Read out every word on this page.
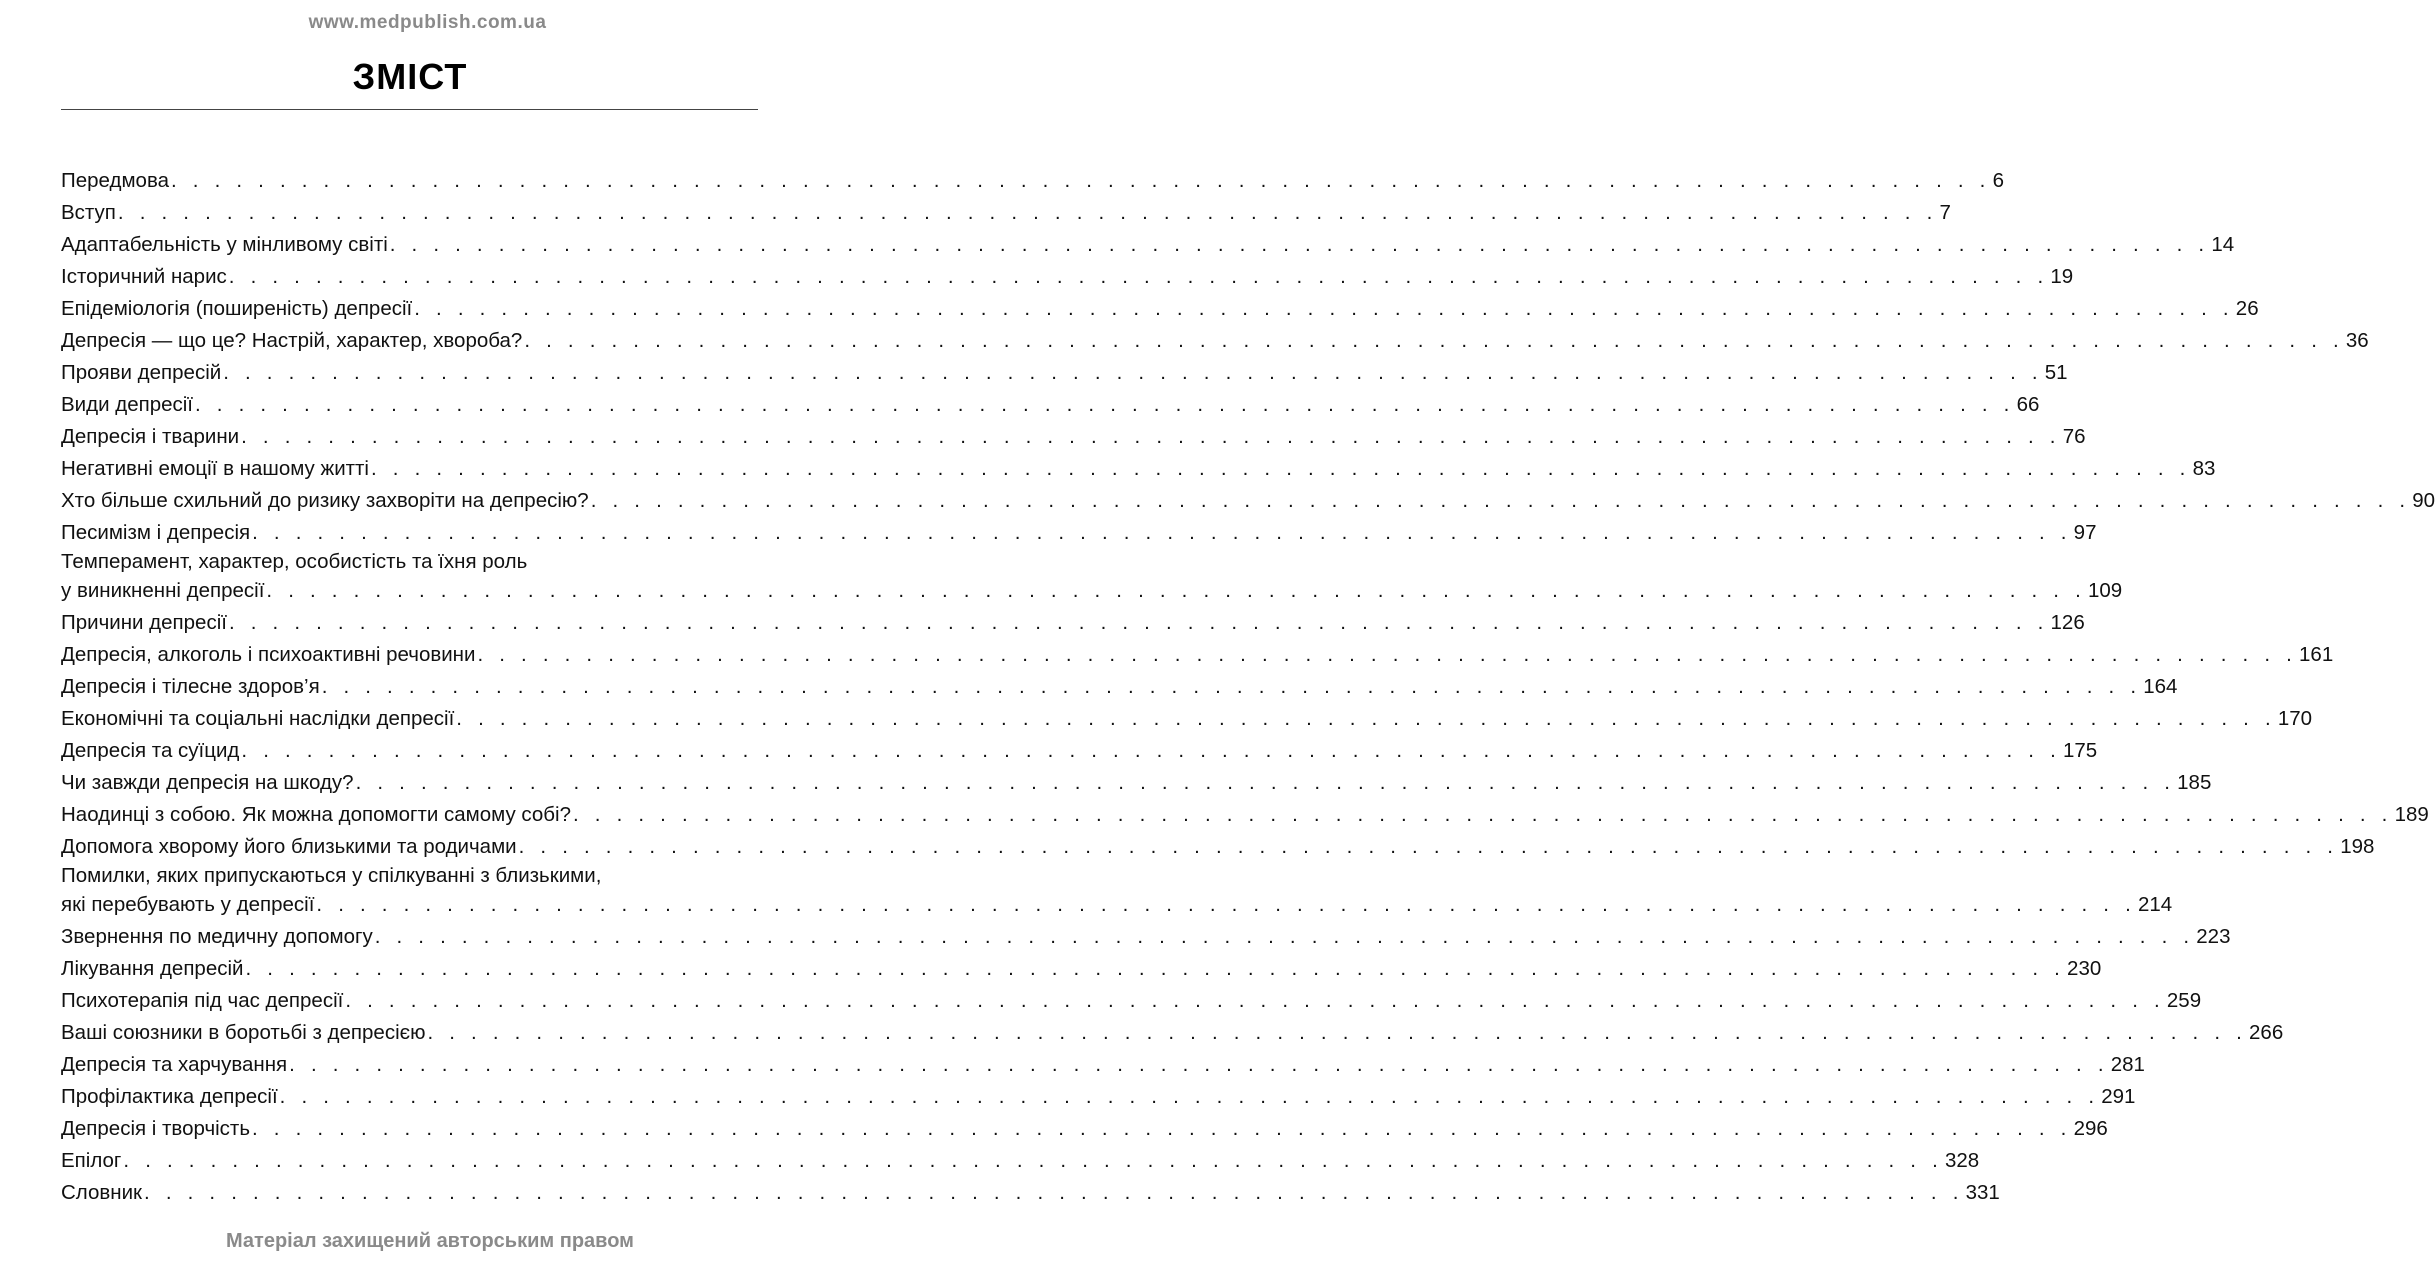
www.medpublish.com.ua
ЗМІСТ
Передмова . . . . . . . . . . . . . . . . . . . . . . . . . . . . . . . . . . . . . . . . . . . . . . . . . . . . . . . . . . . . . . . . . . . . . . . . . . . . . . . . . . . . 6
Вступ . . . . . . . . . . . . . . . . . . . . . . . . . . . . . . . . . . . . . . . . . . . . . . . . . . . . . . . . . . . . . . . . . . . . . . . . . . . . . . . . . . . . 7
Адаптабельність у мінливому світі . . . . . . . . . . . . . . . . . . . . . . . . . . . . . . . . . . . . . . . . . . . . . . . . . . . . . . . . . . . . . . . . . . . . . . . . . . . . . . . . . . . . 14
Історичний нарис . . . . . . . . . . . . . . . . . . . . . . . . . . . . . . . . . . . . . . . . . . . . . . . . . . . . . . . . . . . . . . . . . . . . . . . . . . . . . . . . . . . . 19
Епідеміологія (поширеність) депресії . . . . . . . . . . . . . . . . . . . . . . . . . . . . . . . . . . . . . . . . . . . . . . . . . . . . . . . . . . . . . . . . . . . . . . . . . . . . . . . . . . . . 26
Депресія — що це? Настрій, характер, хвороба? . . . . . . . . . . . . . . . . . . . . . . . . . . . . . . . . . . . . . . . . . . . . . . . . . . . . . . . . . . . . . . . . . . . . . . . . . . . . . . . . . . . . 36
Прояви депресій . . . . . . . . . . . . . . . . . . . . . . . . . . . . . . . . . . . . . . . . . . . . . . . . . . . . . . . . . . . . . . . . . . . . . . . . . . . . . . . . . . . . 51
Види депресії . . . . . . . . . . . . . . . . . . . . . . . . . . . . . . . . . . . . . . . . . . . . . . . . . . . . . . . . . . . . . . . . . . . . . . . . . . . . . . . . . . . . 66
Депресія і тварини . . . . . . . . . . . . . . . . . . . . . . . . . . . . . . . . . . . . . . . . . . . . . . . . . . . . . . . . . . . . . . . . . . . . . . . . . . . . . . . . . . . . 76
Негативні емоції в нашому житті . . . . . . . . . . . . . . . . . . . . . . . . . . . . . . . . . . . . . . . . . . . . . . . . . . . . . . . . . . . . . . . . . . . . . . . . . . . . . . . . . . . . 83
Хто більше схильний до ризику захворіти на депресію? . . . . . . . . . . . . . . . . . . . . . . . . . . . . . . . . . . . . . . . . . . . . . . . . . . . . . . . . . . . . . . . . . . . . . . . . . . . . . . . . . . . . 90
Песимізм і депресія . . . . . . . . . . . . . . . . . . . . . . . . . . . . . . . . . . . . . . . . . . . . . . . . . . . . . . . . . . . . . . . . . . . . . . . . . . . . . . . . . . . . 97
Темперамент, характер, особистість та їхня роль
у виникненні депресії . . . . . . . . . . . . . . . . . . . . . . . . . . . . . . . . . . . . . . . . . . . . . . . . . . . . . . . . . . . . . . . . . . . . . . . . . . . . . . . . . . . . 109
Причини депресії . . . . . . . . . . . . . . . . . . . . . . . . . . . . . . . . . . . . . . . . . . . . . . . . . . . . . . . . . . . . . . . . . . . . . . . . . . . . . . . . . . . . 126
Депресія, алкоголь і психоактивні речовини . . . . . . . . . . . . . . . . . . . . . . . . . . . . . . . . . . . . . . . . . . . . . . . . . . . . . . . . . . . . . . . . . . . . . . . . . . . . . . . . . . . . 161
Депресія і тілесне здоров’я . . . . . . . . . . . . . . . . . . . . . . . . . . . . . . . . . . . . . . . . . . . . . . . . . . . . . . . . . . . . . . . . . . . . . . . . . . . . . . . . . . . . 164
Економічні та соціальні наслідки депресії . . . . . . . . . . . . . . . . . . . . . . . . . . . . . . . . . . . . . . . . . . . . . . . . . . . . . . . . . . . . . . . . . . . . . . . . . . . . . . . . . . . . 170
Депресія та суїцид . . . . . . . . . . . . . . . . . . . . . . . . . . . . . . . . . . . . . . . . . . . . . . . . . . . . . . . . . . . . . . . . . . . . . . . . . . . . . . . . . . . . 175
Чи завжди депресія на шкоду? . . . . . . . . . . . . . . . . . . . . . . . . . . . . . . . . . . . . . . . . . . . . . . . . . . . . . . . . . . . . . . . . . . . . . . . . . . . . . . . . . . . . 185
Наодинці з собою. Як можна допомогти самому собі? . . . . . . . . . . . . . . . . . . . . . . . . . . . . . . . . . . . . . . . . . . . . . . . . . . . . . . . . . . . . . . . . . . . . . . . . . . . . . . . . . . . . 189
Допомога хворому його близькими та родичами . . . . . . . . . . . . . . . . . . . . . . . . . . . . . . . . . . . . . . . . . . . . . . . . . . . . . . . . . . . . . . . . . . . . . . . . . . . . . . . . . . . . 198
Помилки, яких припускаються у спілкуванні з близькими,
які перебувають у депресії . . . . . . . . . . . . . . . . . . . . . . . . . . . . . . . . . . . . . . . . . . . . . . . . . . . . . . . . . . . . . . . . . . . . . . . . . . . . . . . . . . . . 214
Звернення по медичну допомогу . . . . . . . . . . . . . . . . . . . . . . . . . . . . . . . . . . . . . . . . . . . . . . . . . . . . . . . . . . . . . . . . . . . . . . . . . . . . . . . . . . . . 223
Лікування депресій . . . . . . . . . . . . . . . . . . . . . . . . . . . . . . . . . . . . . . . . . . . . . . . . . . . . . . . . . . . . . . . . . . . . . . . . . . . . . . . . . . . . 230
Психотерапія під час депресії . . . . . . . . . . . . . . . . . . . . . . . . . . . . . . . . . . . . . . . . . . . . . . . . . . . . . . . . . . . . . . . . . . . . . . . . . . . . . . . . . . . . 259
Ваші союзники в боротьбі з депресією . . . . . . . . . . . . . . . . . . . . . . . . . . . . . . . . . . . . . . . . . . . . . . . . . . . . . . . . . . . . . . . . . . . . . . . . . . . . . . . . . . . . 266
Депресія та харчування . . . . . . . . . . . . . . . . . . . . . . . . . . . . . . . . . . . . . . . . . . . . . . . . . . . . . . . . . . . . . . . . . . . . . . . . . . . . . . . . . . . . 281
Профілактика депресії . . . . . . . . . . . . . . . . . . . . . . . . . . . . . . . . . . . . . . . . . . . . . . . . . . . . . . . . . . . . . . . . . . . . . . . . . . . . . . . . . . . . 291
Депресія і творчість . . . . . . . . . . . . . . . . . . . . . . . . . . . . . . . . . . . . . . . . . . . . . . . . . . . . . . . . . . . . . . . . . . . . . . . . . . . . . . . . . . . . 296
Епілог . . . . . . . . . . . . . . . . . . . . . . . . . . . . . . . . . . . . . . . . . . . . . . . . . . . . . . . . . . . . . . . . . . . . . . . . . . . . . . . . . . . . 328
Словник . . . . . . . . . . . . . . . . . . . . . . . . . . . . . . . . . . . . . . . . . . . . . . . . . . . . . . . . . . . . . . . . . . . . . . . . . . . . . . . . . . . . 331
Матеріал захищений авторським правом
